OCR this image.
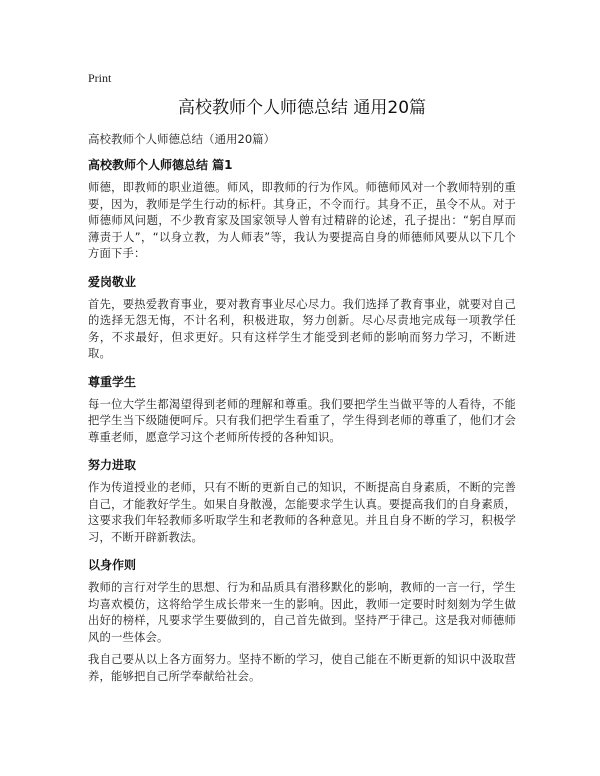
Print
高校教师个人师德总结 通用20篇

高校教师个人师德总结（通用20篇）

高校教师个人师德总结 篇1

师德，即教师的职业道德。师风，即教师的行为作风。师德师风对一个教师特别的重要，因为，教师是学生行动的标杆。其身正，不令而行。其身不正，虽令不从。对于师德师风问题，不少教育家及国家领导人曾有过精辟的论述，孔子提出：“躬自厚而薄责于人”，“以身立教，为人师表”等，我认为要提高自身的师德师风要从以下几个方面下手：

爱岗敬业

首先，要热爱教育事业，要对教育事业尽心尽力。我们选择了教育事业，就要对自己的选择无怨无悔，不计名利，积极进取，努力创新。尽心尽责地完成每一项教学任务，不求最好，但求更好。只有这样学生才能受到老师的影响而努力学习，不断进取。

尊重学生

每一位大学生都渴望得到老师的理解和尊重。我们要把学生当做平等的人看待，不能把学生当下级随便呵斥。只有我们把学生看重了，学生得到老师的尊重了，他们才会尊重老师，愿意学习这个老师所传授的各种知识。

努力进取

作为传道授业的老师，只有不断的更新自己的知识，不断提高自身素质，不断的完善自己，才能教好学生。如果自身散漫，怎能要求学生认真。要提高我们的自身素质，这要求我们年轻教师多听取学生和老教师的各种意见。并且自身不断的学习，积极学习，不断开辟新教法。

以身作则

教师的言行对学生的思想、行为和品质具有潜移默化的影响，教师的一言一行，学生均喜欢模仿，这将给学生成长带来一生的影响。因此，教师一定要时时刻刻为学生做出好的榜样，凡要求学生要做到的，自己首先做到。坚持严于律己。这是我对师德师风的一些体会。

我自己要从以上各方面努力。坚持不断的学习，使自己能在不断更新的知识中汲取营养，能够把自己所学奉献给社会。
